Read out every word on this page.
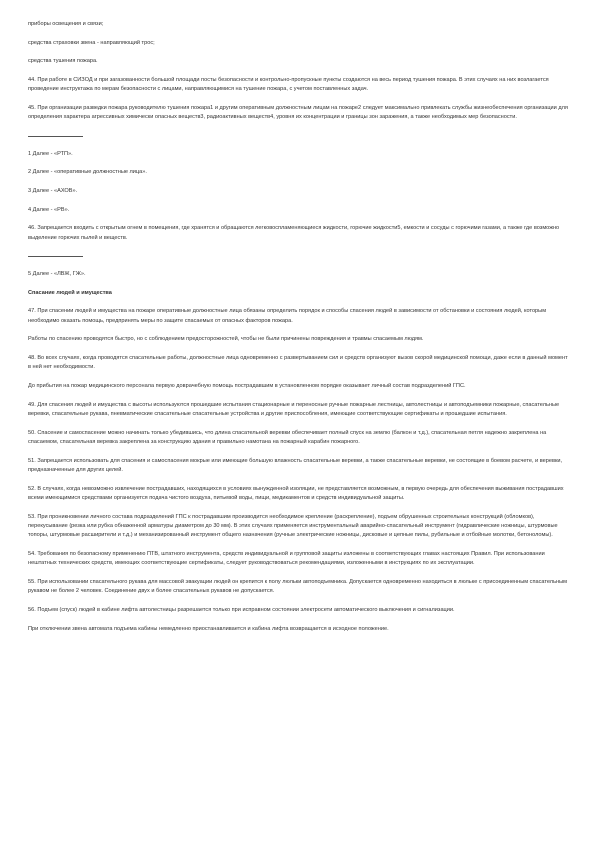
приборы освещения и связи;

средства страховки звена - направляющий трос;

средства тушения пожара.

44. При работе в СИЗОД и при загазованности большой площади посты безопасности и контрольно-пропускные пункты создаются на весь период тушения пожара. В этих случаях на них возлагается проведение инструктажа по мерам безопасности с лицами, направляющимися на тушение пожара, с учетом поставленных задач.

45. При организации разведки пожара руководителю тушения пожара1 и другим оперативным должностным лицам на пожаре2 следует максимально привлекать службы жизнеобеспечения организации для определения характера агрессивных химически опасных веществ3, радиоактивных веществ4, уровня их концентрации и границы зон заражения, а также необходимых мер безопасности.

1 Далее - «РТП».

2 Далее - «оперативные должностные лица».

3 Далее - «АХОВ».

4 Далее - «РВ».

46. Запрещается входить с открытым огнем в помещения, где хранятся и обращаются легковоспламеняющиеся жидкости, горючие жидкости5, емкости и сосуды с горючими газами, а также где возможно выделение горючих пылей и веществ.

5 Далее - «ЛВЖ, ГЖ».

Спасание людей и имущества

47. При спасении людей и имущества на пожаре оперативные должностные лица обязаны определить порядок и способы спасения людей в зависимости от обстановки и состояния людей, которым необходимо оказать помощь, предпринять меры по защите спасаемых от опасных факторов пожара.

Работы по спасению проводятся быстро, но с соблюдением предосторожностей, чтобы не были причинены повреждения и травмы спасаемым людям.

48. Во всех случаях, когда проводятся спасательные работы, должностные лица одновременно с развертыванием сил и средств организуют вызов скорой медицинской помощи, даже если в данный момент в ней нет необходимости.

До прибытия на пожар медицинского персонала первую доврачебную помощь пострадавшим в установленном порядке оказывает личный состав подразделений ГПС.

49. Для спасения людей и имущества с высоты используются прошедшие испытания стационарные и переносные ручные пожарные лестницы, автолестницы и автоподъемники пожарные, спасательные веревки, спасательные рукава, пневматические спасательные спасательные устройства и другие приспособления, имеющие соответствующие сертификаты и прошедшие испытания.

50. Спасение и самоспасение можно начинать только убедившись, что длина спасательной веревки обеспечивает полный спуск на землю (балкон и т.д.), спасательная петля надежно закреплена на спасаемом, спасательная веревка закреплена за конструкцию здания и правильно намотана на пожарный карабин пожарного.

51. Запрещается использовать для спасения и самоспасения мокрые или имеющие большую влажность спасательные веревки, а также спасательные веревки, не состоящие в боевом расчете, и веревки, предназначенные для других целей.

52. В случаях, когда невозможно извлечение пострадавших, находящихся в условиях вынужденной изоляции, не представляется возможным, в первую очередь для обеспечения выживания пострадавших всеми имеющимися средствами организуется подача чистого воздуха, питьевой воды, пищи, медикаментов и средств индивидуальной защиты.

53. При проникновении личного состава подразделений ГПС к пострадавшим производится необходимое крепление (раскрепление), подъем обрушенных строительных конструкций (обломков), перекусывание (резка или рубка обнаженной арматуры диаметром до 30 мм). В этих случаях применяется инструментальный аварийно-спасательный инструмент (гидравлические ножницы, штурмовые топоры, штурмовые расширители и т.д.) и механизированный инструмент общего назначения (ручные электрические ножницы, дисковые и цепные пилы, рубильные и отбойные молотки, бетоноломы).

54. Требования по безопасному применению ПТВ, штатного инструмента, средств индивидуальной и групповой защиты изложены в соответствующих главах настоящих Правил. При использовании нештатных технических средств, имеющих соответствующие сертификаты, следует руководствоваться рекомендациями, изложенными в инструкциях по их эксплуатации.

55. При использовании спасательного рукава для массовой эвакуации людей он крепится к полу люльки автоподъемника. Допускается одновременно находиться в люльке с присоединенным спасательным рукавом не более 2 человек. Соединение двух и более спасательных рукавов не допускается.

56. Подъем (спуск) людей в кабине лифта автолестницы разрешается только при исправном состоянии электросети автоматического выключения и сигнализации.

При отключении звена автомата подъема кабины немедленно приостанавливается и кабина лифта возвращается в исходное положение.
